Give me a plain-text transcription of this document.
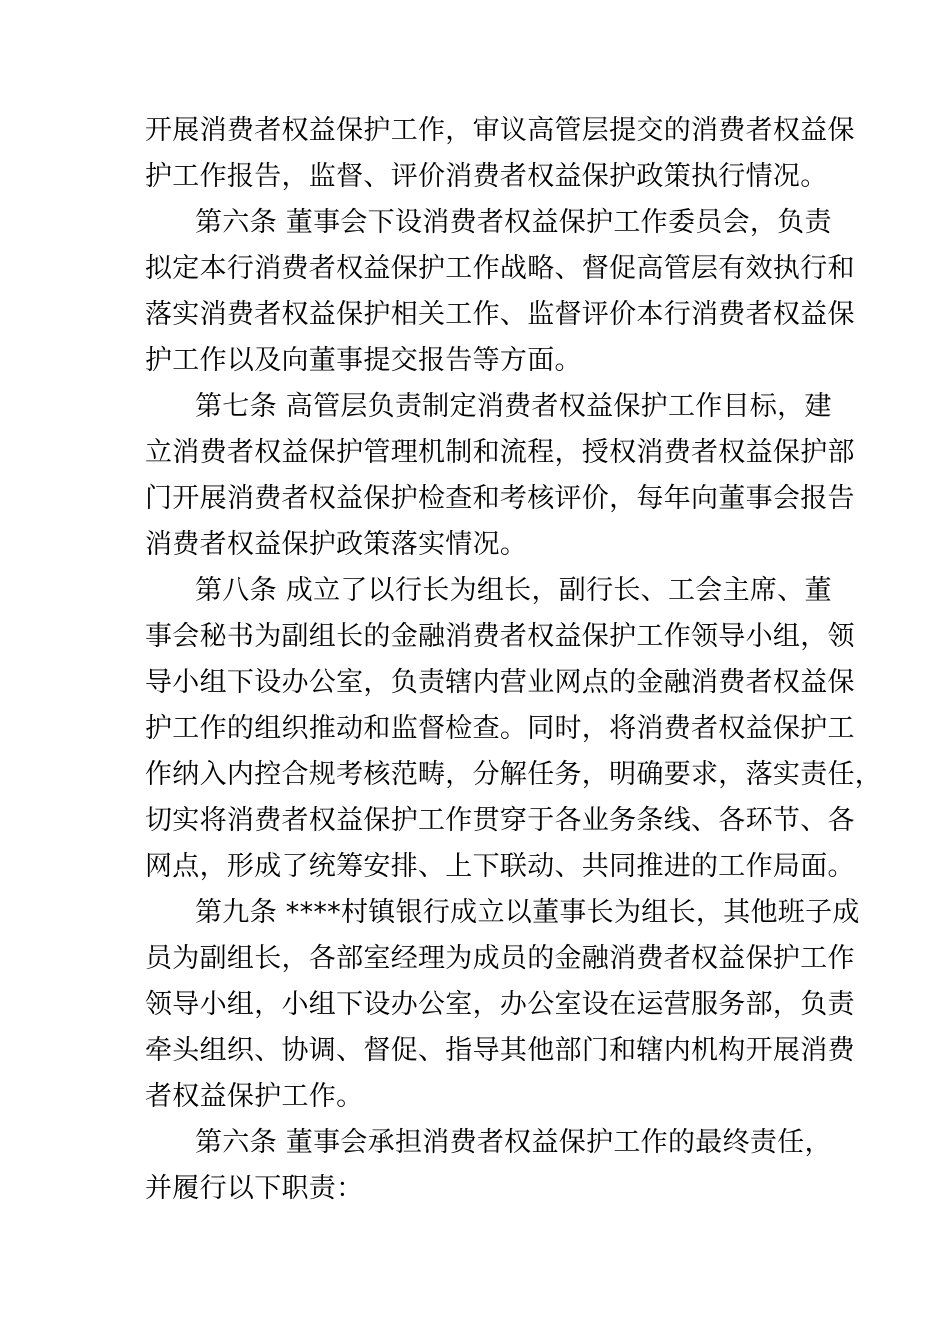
开展消费者权益保护工作，审议高管层提交的消费者权益保
护工作报告，监督、评价消费者权益保护政策执行情况。
第六条 董事会下设消费者权益保护工作委员会，负责
拟定本行消费者权益保护工作战略、督促高管层有效执行和
落实消费者权益保护相关工作、监督评价本行消费者权益保
护工作以及向董事提交报告等方面。
第七条 高管层负责制定消费者权益保护工作目标，建
立消费者权益保护管理机制和流程，授权消费者权益保护部
门开展消费者权益保护检查和考核评价，每年向董事会报告
消费者权益保护政策落实情况。
第八条 成立了以行长为组长，副行长、工会主席、董
事会秘书为副组长的金融消费者权益保护工作领导小组，领
导小组下设办公室，负责辖内营业网点的金融消费者权益保
护工作的组织推动和监督检查。同时，将消费者权益保护工
作纳入内控合规考核范畴，分解任务，明确要求，落实责任，
切实将消费者权益保护工作贯穿于各业务条线、各环节、各
网点，形成了统筹安排、上下联动、共同推进的工作局面。
第九条 ****村镇银行成立以董事长为组长，其他班子成
员为副组长，各部室经理为成员的金融消费者权益保护工作
领导小组，小组下设办公室，办公室设在运营服务部，负责
牵头组织、协调、督促、指导其他部门和辖内机构开展消费
者权益保护工作。
第六条 董事会承担消费者权益保护工作的最终责任，
并履行以下职责：
